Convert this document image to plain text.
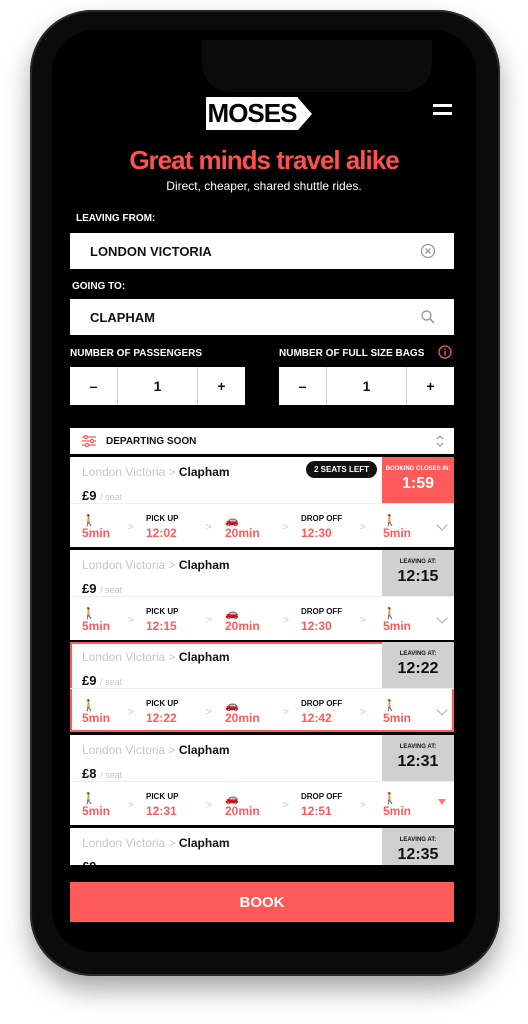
MOSES
Great minds travel alike
Direct, cheaper, shared shuttle rides.
LEAVING FROM:
LONDON VICTORIA
GOING TO:
CLAPHAM
NUMBER OF PASSENGERS	NUMBER OF FULL SIZE BAGS
–	1	+	–	1	+
DEPARTING SOON
London Victoria > Clapham
£9 / seat
BOOKING CLOSES IN:
1:59
2 SEATS LEFT
🚶
5min >
PICK UP
12:02	>
🚗
20min >
DROP OFF
12:30	>
🚶
5min
London Victoria > Clapham
£9 / seat
LEAVING AT:
12:15
🚶
5min >
PICK UP
12:15	>
🚗
20min >
DROP OFF
12:30	>
🚶
5min
London Victoria > Clapham
£9 / seat
LEAVING AT:
12:22
🚶
5min >
PICK UP
12:22	>
🚗
20min >
DROP OFF
12:42	>
🚶
5min
London Victoria > Clapham
£8 / seat
LEAVING AT:
12:31
🚶
5min >
PICK UP
12:31	>
🚗
20min >
DROP OFF
12:51	>
🚶
5min
London Victoria > Clapham	LEAVING AT:
12:35
BOOK
